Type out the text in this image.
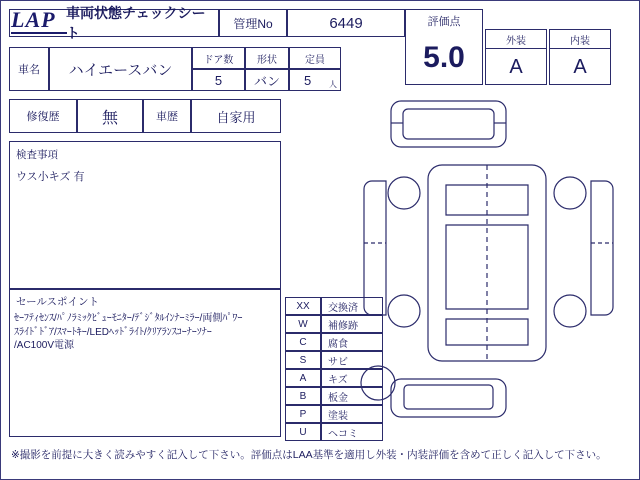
LAP 車両状態チェックシート
管理No	6449	評価点
5.0	外装
A
内装
A
車名	ハイエースバン
ドア数
5
形状
バン
定員
5 人
修復歴	無	車歴	自家用
検査事項
ウス小キズ 有
セールスポイント
ｾｰﾌﾃｨｾﾝｽ/ﾊﾟﾉﾗﾐｯｸﾋﾞｭｰﾓﾆﾀｰ/ﾃﾞｼﾞﾀﾙｲﾝﾅｰﾐﾗｰ/両側ﾊﾟﾜｰ
ｽﾗｲﾄﾞﾄﾞｱ/ｽﾏｰﾄｷｰ/LEDﾍｯﾄﾞﾗｲﾄ/ｸﾘｱﾗﾝｽｺｰﾅｰｿﾅｰ
/AC100V電源
XX	交換済
W	補修跡
C	腐食
S	サビ
A	キズ
B	板金
P	塗装
U	ヘコミ
※撮影を前提に大きく読みやすく記入して下さい。評価点はLAA基準を適用し外装・内装評価を含めて正しく記入して下さい。
